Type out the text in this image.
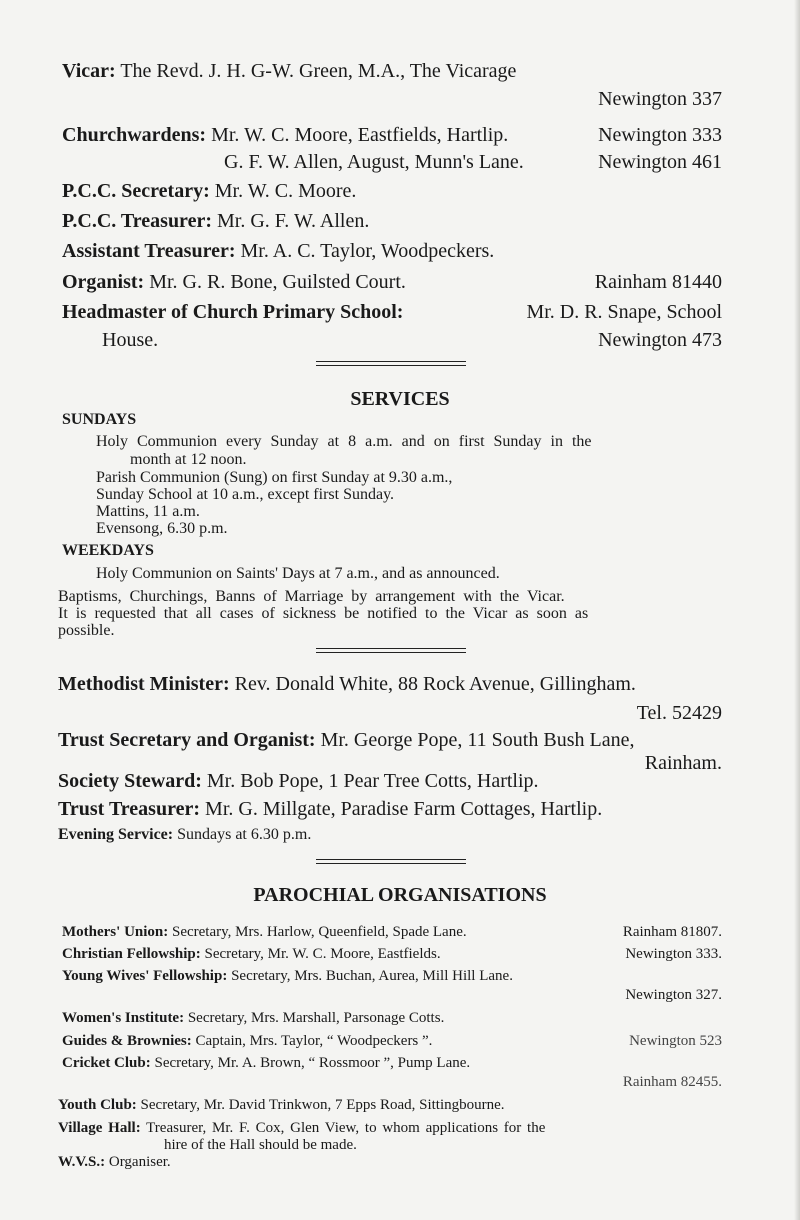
Vicar: The Revd. J. H. G-W. Green, M.A., The Vicarage
Newington 337
Churchwardens: Mr. W. C. Moore, Eastfields, Hartlip.	Newington 333
G. F. W. Allen, August, Munn's Lane.	Newington 461
P.C.C. Secretary: Mr. W. C. Moore.
P.C.C. Treasurer: Mr. G. F. W. Allen.
Assistant Treasurer: Mr. A. C. Taylor, Woodpeckers.
Organist: Mr. G. R. Bone, Guilsted Court.	Rainham 81440
Headmaster of Church Primary School:	Mr. D. R. Snape, School
House.	Newington 473
SERVICES
SUNDAYS
Holy Communion every Sunday at 8 a.m. and on first Sunday in the
month at 12 noon.
Parish Communion (Sung) on first Sunday at 9.30 a.m.,
Sunday School at 10 a.m., except first Sunday.
Mattins, 11 a.m.
Evensong, 6.30 p.m.
WEEKDAYS
Holy Communion on Saints' Days at 7 a.m., and as announced.
Baptisms, Churchings, Banns of Marriage by arrangement with the Vicar.
It is requested that all cases of sickness be notified to the Vicar as soon as
possible.
Methodist Minister: Rev. Donald White, 88 Rock Avenue, Gillingham.
Tel. 52429
Trust Secretary and Organist: Mr. George Pope, 11 South Bush Lane,
Rainham.
Society Steward: Mr. Bob Pope, 1 Pear Tree Cotts, Hartlip.
Trust Treasurer: Mr. G. Millgate, Paradise Farm Cottages, Hartlip.
Evening Service: Sundays at 6.30 p.m.
PAROCHIAL ORGANISATIONS
Mothers' Union: Secretary, Mrs. Harlow, Queenfield, Spade Lane.	Rainham 81807.
Christian Fellowship: Secretary, Mr. W. C. Moore, Eastfields.	Newington 333.
Young Wives' Fellowship: Secretary, Mrs. Buchan, Aurea, Mill Hill Lane.
Newington 327.
Women's Institute: Secretary, Mrs. Marshall, Parsonage Cotts.
Guides & Brownies: Captain, Mrs. Taylor, “ Woodpeckers ”.	Newington 523
Cricket Club: Secretary, Mr. A. Brown, “ Rossmoor ”, Pump Lane.
Rainham 82455.
Youth Club: Secretary, Mr. David Trinkwon, 7 Epps Road, Sittingbourne.
Village Hall: Treasurer, Mr. F. Cox, Glen View, to whom applications for the
hire of the Hall should be made.
W.V.S.: Organiser.
